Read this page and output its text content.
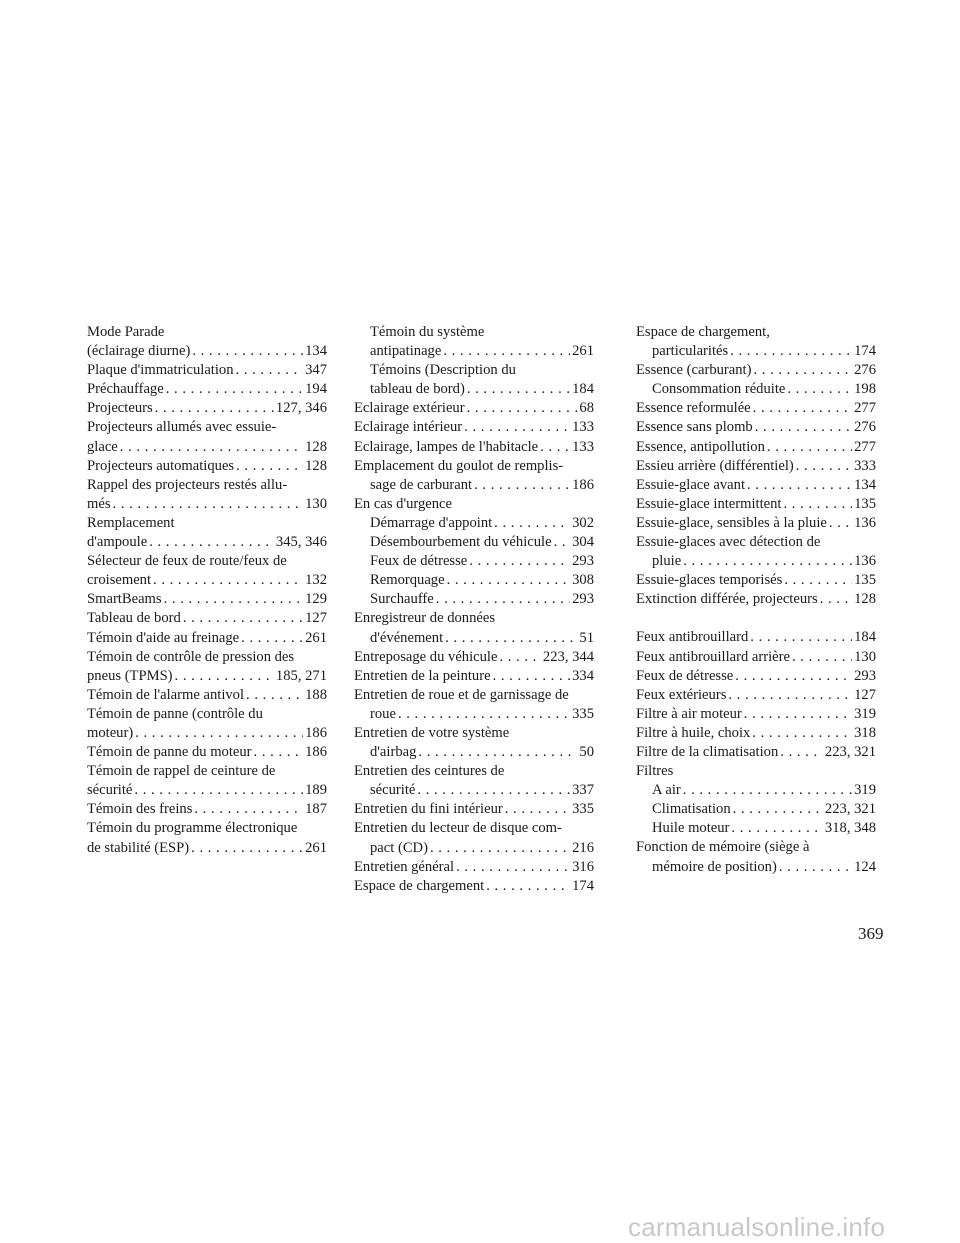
Mode Parade
(éclairage diurne) . . .	134
Plaque d'immatriculation . . .	347
Préchauffage . . .	194
Projecteurs . . .	127, 346
Projecteurs allumés avec essuie-
glace . . .	128
Projecteurs automatiques . . .	128
Rappel des projecteurs restés allu-
més . . .	130
Remplacement
d'ampoule . . .	345, 346
Sélecteur de feux de route/feux de
croisement . . .	132
SmartBeams . . .	129
Tableau de bord . . .	127
Témoin d'aide au freinage . . .	261
Témoin de contrôle de pression des
pneus (TPMS) . . .	185, 271
Témoin de l'alarme antivol . . .	188
Témoin de panne (contrôle du
moteur) . . .	186
Témoin de panne du moteur . . .	186
Témoin de rappel de ceinture de
sécurité . . .	189
Témoin des freins . . .	187
Témoin du programme électronique
de stabilité (ESP) . . .	261
Témoin du système
antipatinage . . .	261
Témoins (Description du
tableau de bord) . . .	184
Eclairage extérieur . . .	68
Eclairage intérieur . . .	133
Eclairage, lampes de l'habitacle . . . 133
Emplacement du goulot de remplis-
sage de carburant . . .	186
En cas d'urgence
Démarrage d'appoint . . .	302
Désembourbement du véhicule . . . 304
Feux de détresse . . .	293
Remorquage . . .	308
Surchauffe . . .	293
Enregistreur de données
d'événement . . .	51
Entreposage du véhicule . . .	223, 344
Entretien de la peinture . . .	334
Entretien de roue et de garnissage de
roue . . .	335
Entretien de votre système
d'airbag . . .	50
Entretien des ceintures de
sécurité . . .	337
Entretien du fini intérieur . . .	335
Entretien du lecteur de disque com-
pact (CD) . . .	216
Entretien général . . .	316
Espace de chargement . . .	174
Espace de chargement,
particularités . . .	174
Essence (carburant) . . .	276
Consommation réduite . . .	198
Essence reformulée . . .	277
Essence sans plomb . . .	276
Essence, antipollution . . .	277
Essieu arrière (différentiel) . . .	333
Essuie-glace avant . . .	134
Essuie-glace intermittent . . .	135
Essuie-glace, sensibles à la pluie . . . 136
Essuie-glaces avec détection de
pluie . . .	136
Essuie-glaces temporisés . . .	135
Extinction différée, projecteurs . . . 128
Feux antibrouillard . . .	184
Feux antibrouillard arrière . . .	130
Feux de détresse . . .	293
Feux extérieurs . . .	127
Filtre à air moteur . . .	319
Filtre à huile, choix . . .	318
Filtre de la climatisation . . .	223, 321
Filtres
A air . . .	319
Climatisation . . .	223, 321
Huile moteur . . .	318, 348
Fonction de mémoire (siège à
mémoire de position) . . .	124
369
carmanualsonline.info
